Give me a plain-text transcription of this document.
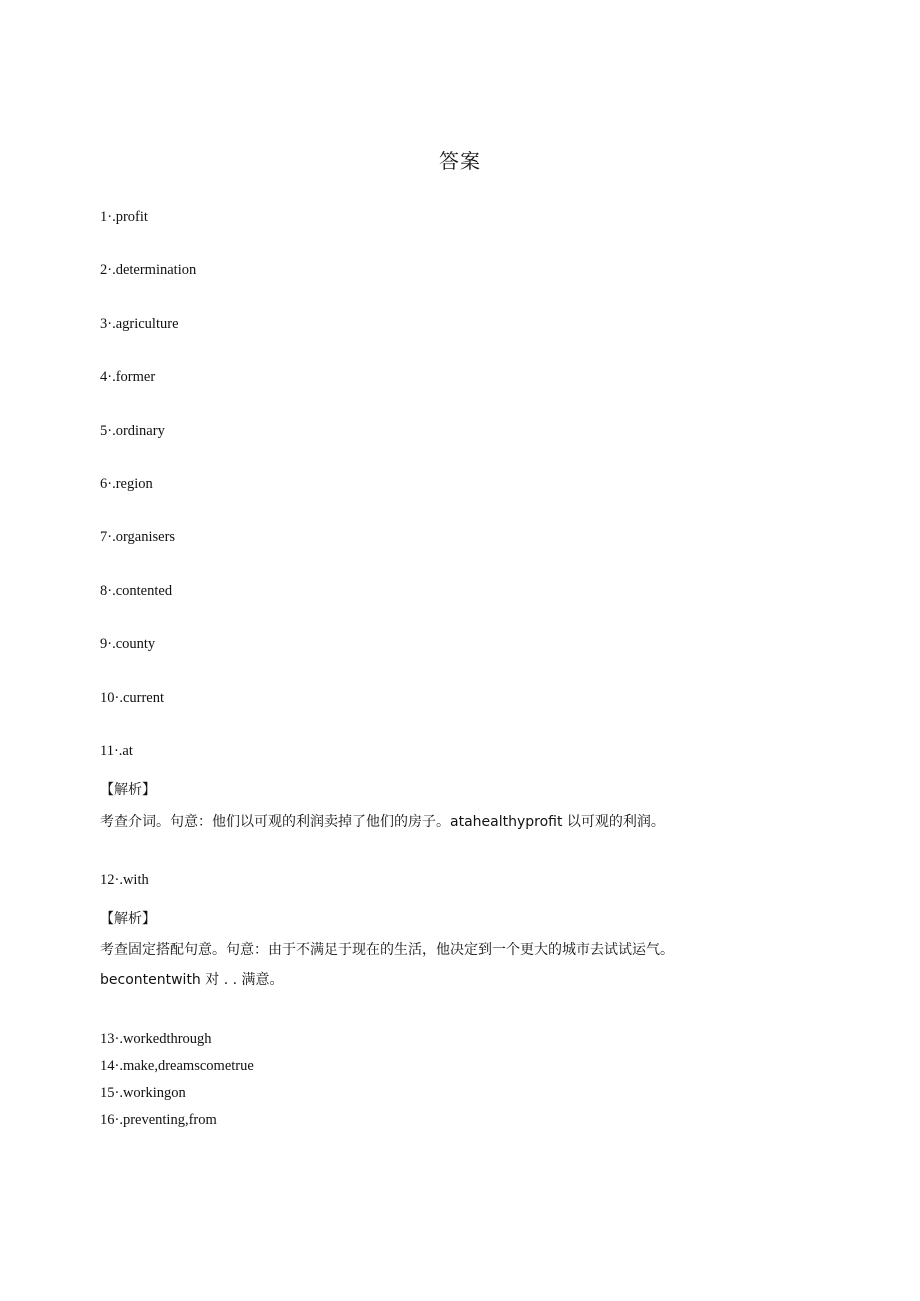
答案
1·.profit
2·.determination
3·.agriculture
4·.former
5·.ordinary
6·.region
7·.organisers
8·.contented
9·.county
10·.current
11·.at
【解析】
考查介词。句意：他们以可观的利润卖掉了他们的房子。atahealthyprofit 以可观的利润。
12·.with
【解析】
考查固定搭配句意。句意：由于不满足于现在的生活，他决定到一个更大的城市去试试运气。
becontentwith 对 . . 满意。
13·.workedthrough
14·.make,dreamscometrue
15·.workingon
16·.preventing,from
